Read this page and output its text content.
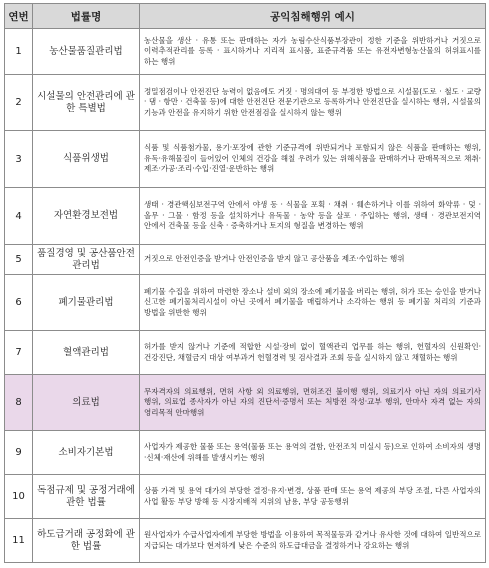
연번	법률명	공익침해행위 예시
1	농산물품질관리법	농산물을 생산 · 유통 또는 판매하는 자가 농림수산식품부장관이 정한 기준을 위반하거나 거짓으로 이력추적관리를 등록 · 표시하거나 지리적 표시품, 표준규격품 또는 유전자변형농산물의 허위표시를 하는 행위
2	시설물의 안전관리에 관한 특별법	정밀점검이나 안전진단 능력이 없음에도 거짓 · 명의대여 등 부정한 방법으로 시설물(도로 · 철도 · 교량 · 댐 · 항만 · 건축물 등)에 대한 안전진단 전문기관으로 등록하거나 안전진단을 실시하는 행위, 시설물의 기능과 안전을 유지하기 위한 안전점검을 실시하지 않는 행위
3	식품위생법	식품 및 식품첨가물, 용기·포장에 관한 기준규격에 위반되거나 포함되지 않은 식품을 판매하는 행위, 유독·유해물질이 들어있어 인체의 건강을 해칠 우려가 있는 위해식품을 판매하거나 판매목적으로 채취·제조·가공·조리·수입·진열·운반하는 행위
4	자연환경보전법	생태 · 경관핵심보전구역 안에서 야생 동 · 식물을 포획 · 채취 · 훼손하거나 이를 위하여 화약류 · 덫 · 올무 · 그물 · 함정 등을 설치하거나 유독물 · 농약 등을 살포 · 주입하는 행위, 생태 · 경관보전지역 안에서 건축물 등을 신축 · 증축하거나 토지의 형질을 변경하는 행위
5	품질경영 및 공산품안전관리법	거짓으로 안전인증을 받거나 안전인증을 받지 않고 공산품을 제조·수입하는 행위
6	폐기물관리법	폐기물 수집을 위하여 마련한 장소나 설비 외의 장소에 폐기물을 버리는 행위, 허가 또는 승인을 받거나 신고한 폐기물처리시설이 아닌 곳에서 폐기물을 매립하거나 소각하는 행위 등 폐기물 처리의 기준과 방법을 위반한 행위
7	혈액관리법	허가를 받지 않거나 기준에 적합한 시설·장비 없이 혈액관리 업무를 하는 행위, 헌혈자의 신원확인·건강진단, 채혈금지 대상 여부과거 헌혈경력 및 검사결과 조회 등을 실시하지 않고 채혈하는 행위
8	의료법	무자격자의 의료행위, 면허 사항 외 의료행위, 면허조건 불이행 행위, 의료기사 아닌 자의 의료기사 행위, 의료업 종사자가 아닌 자의 진단서·증명서 또는 처방전 작성·교부 행위, 안마사 자격 없는 자의 영리목적 안마행위
9	소비자기본법	사업자가 제공한 물품 또는 용역(물품 또는 용역의 결함, 안전조치 미실시 등)으로 인하여 소비자의 생명·신체·재산에 위해를 발생시키는 행위
10	독점규제 및 공정거래에 관한 법률	상품 가격 및 용역 대가의 부당한 결정·유지·변경, 상품 판매 또는 용역 제공의 부당 조절, 다른 사업자의 사업 활동 부당 방해 등 시장지배적 지위의 남용, 부당 공동행위
11	하도급거래 공정화에 관한 법률	원사업자가 수급사업자에게 부당한 방법을 이용하여 목적물등과 같거나 유사한 것에 대하여 일반적으로 지급되는 대가보다 현저하게 낮은 수준의 하도급대금을 결정하거나 강요하는 행위
